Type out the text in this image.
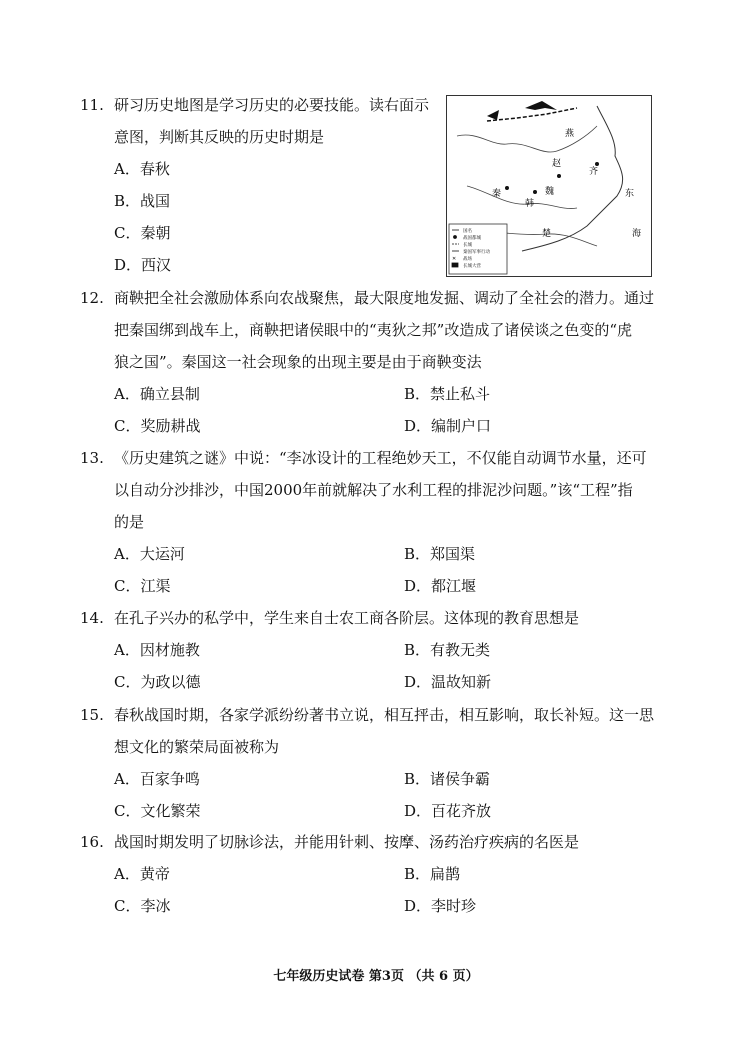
11. 研习历史地图是学习历史的必要技能。读右面示
意图，判断其反映的历史时期是
A．春秋
B．战国
C．秦朝
D．西汉
燕
赵
齐
魏
秦
韩
楚
东
海
国名
战国都城
长城
秦国军事行动
战场
长城大营
✕
12. 商鞅把全社会激励体系向农战聚焦，最大限度地发掘、调动了全社会的潜力。通过
把秦国绑到战车上，商鞅把诸侯眼中的“夷狄之邦”改造成了诸侯谈之色变的“虎
狼之国”。秦国这一社会现象的出现主要是由于商鞅变法
A．确立县制	B．禁止私斗
C．奖励耕战	D．编制户口
13. 《历史建筑之谜》中说：“李冰设计的工程绝妙天工，不仅能自动调节水量，还可
以自动分沙排沙，中国2000年前就解决了水利工程的排泥沙问题。”该“工程”指
的是
A．大运河	B．郑国渠
C．江渠	D．都江堰
14. 在孔子兴办的私学中，学生来自士农工商各阶层。这体现的教育思想是
A．因材施教	B．有教无类
C．为政以德	D．温故知新
15. 春秋战国时期，各家学派纷纷著书立说，相互抨击，相互影响，取长补短。这一思
想文化的繁荣局面被称为
A．百家争鸣	B．诸侯争霸
C．文化繁荣	D．百花齐放
16. 战国时期发明了切脉诊法，并能用针刺、按摩、汤药治疗疾病的名医是
A．黄帝	B．扁鹊
C．李冰	D．李时珍
七年级历史试卷 第3页 （共 6 页）
